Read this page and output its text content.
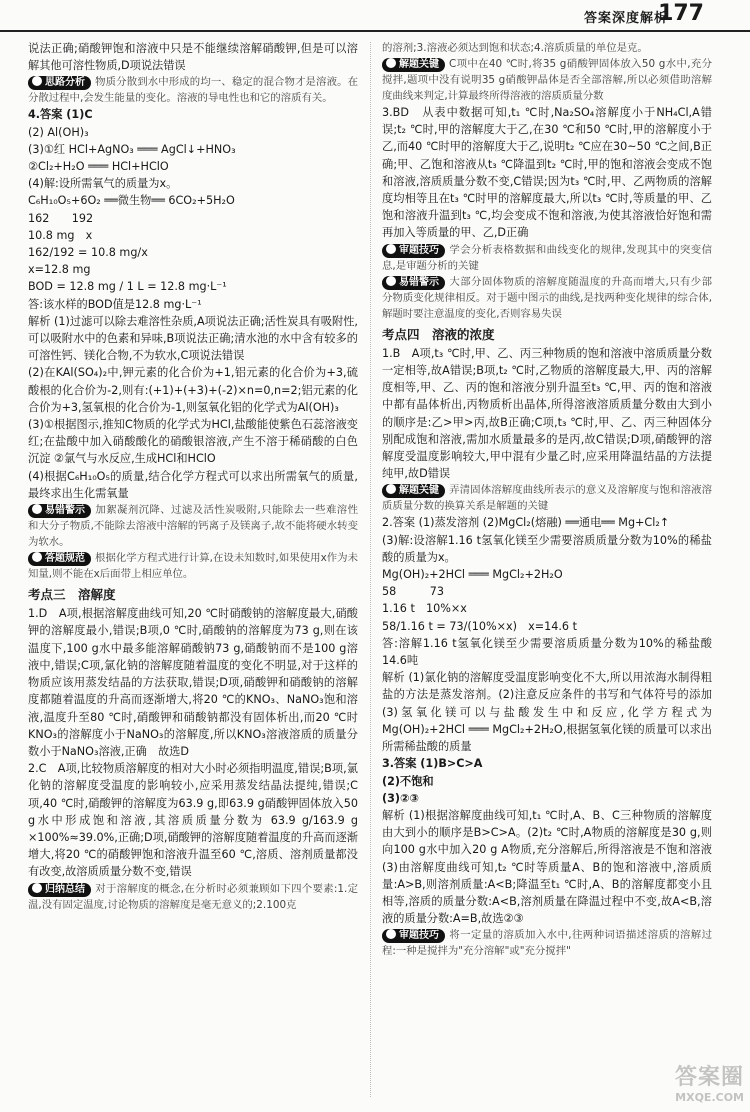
答案深度解析
177

说法正确;硝酸钾饱和溶液中只是不能继续溶解硝酸钾,但是可以溶解其他可溶性物质,D项说法错误

思路分析 物质分散到水中形成的均一、稳定的混合物才是溶液。在分散过程中,会发生能量的变化。溶液的导电性也和它的溶质有关。

4.答案 (1)C

(2) Al(OH)₃
(3)①红 HCl+AgNO₃ ═══ AgCl↓+HNO₃
②Cl₂+H₂O ═══ HCl+HClO
(4)解:设所需氧气的质量为x。
C₆H₁₀O₅+6O₂ ══微生物══ 6CO₂+5H₂O
162　　192
10.8 mg　x
162/192 = 10.8 mg/x
x=12.8 mg
BOD = 12.8 mg / 1 L = 12.8 mg·L⁻¹
答:该水样的BOD值是12.8 mg·L⁻¹

解析 (1)过滤可以除去难溶性杂质,A项说法正确;活性炭具有吸附性,可以吸附水中的色素和异味,B项说法正确;清水池的水中含有较多的可溶性钙、镁化合物,不为软水,C项说法错误
(2)在KAl(SO₄)₂中,钾元素的化合价为+1,铝元素的化合价为+3,硫酸根的化合价为-2,则有:(+1)+(+3)+(-2)×n=0,n=2;铝元素的化合价为+3,氢氧根的化合价为-1,则氢氧化铝的化学式为Al(OH)₃
(3)①根据图示,推知C物质的化学式为HCl,盐酸能使紫色石蕊溶液变红;在盐酸中加入硝酸酸化的硝酸银溶液,产生不溶于稀硝酸的白色沉淀 ②氯气与水反应,生成HCl和HClO
(4)根据C₆H₁₀O₅的质量,结合化学方程式可以求出所需氧气的质量,最终求出生化需氧量

易错警示 加絮凝剂沉降、过滤及活性炭吸附,只能除去一些难溶性和大分子物质,不能除去溶液中溶解的钙离子及镁离子,故不能将硬水转变为软水。

答题规范 根据化学方程式进行计算,在设未知数时,如果使用x作为未知量,则不能在x后面带上相应单位。

考点三　溶解度

1.D　A项,根据溶解度曲线可知,20 ℃时硝酸钠的溶解度最大,硝酸钾的溶解度最小,错误;B项,0 ℃时,硝酸钠的溶解度为73 g,则在该温度下,100 g水中最多能溶解硝酸钠73 g,硝酸钠而不是100 g溶液中,错误;C项,氯化钠的溶解度随着温度的变化不明显,对于这样的物质应该用蒸发结晶的方法获取,错误;D项,硝酸钾和硝酸钠的溶解度都随着温度的升高而逐渐增大,将20 ℃的KNO₃、NaNO₃饱和溶液,温度升至80 ℃时,硝酸钾和硝酸钠都没有固体析出,而20 ℃时KNO₃的溶解度小于NaNO₃的溶解度,所以KNO₃溶液溶质的质量分数小于NaNO₃溶液,正确　故选D

2.C　A项,比较物质溶解度的相对大小时必须指明温度,错误;B项,氯化钠的溶解度受温度的影响较小,应采用蒸发结晶法提纯,错误;C项,40 ℃时,硝酸钾的溶解度为63.9 g,即63.9 g硝酸钾固体放入50 g水中形成饱和溶液,其溶质质量分数为 63.9 g/163.9 g ×100%≈39.0%,正确;D项,硝酸钾的溶解度随着温度的升高而逐渐增大,将20 ℃的硝酸钾饱和溶液升温至60 ℃,溶质、溶剂质量都没有改变,故溶质质量分数不变,错误

归纳总结 对于溶解度的概念,在分析时必须兼顾如下四个要素:1.定温,没有固定温度,讨论物质的溶解度是毫无意义的;2.100克

的溶剂;3.溶液必须达到饱和状态;4.溶质质量的单位是克。

解题关键 C项中在40 ℃时,将35 g硝酸钾固体放入50 g水中,充分搅拌,题项中没有说明35 g硝酸钾晶体是否全部溶解,所以必须借助溶解度曲线来判定,计算最终所得溶液的溶质质量分数

3.BD　从表中数据可知,t₁ ℃时,Na₂SO₄溶解度小于NH₄Cl,A错误;t₂ ℃时,甲的溶解度大于乙,在30 ℃和50 ℃时,甲的溶解度小于乙,而40 ℃时甲的溶解度大于乙,说明t₂ ℃应在30~50 ℃之间,B正确;甲、乙饱和溶液从t₃ ℃降温到t₂ ℃时,甲的饱和溶液会变成不饱和溶液,溶质质量分数不变,C错误;因为t₃ ℃时,甲、乙两物质的溶解度均相等且在t₃ ℃时甲的溶解度最大,所以t₃ ℃时,等质量的甲、乙饱和溶液升温到t₃ ℃,均会变成不饱和溶液,为使其溶液恰好饱和需再加入等质量的甲、乙,D正确

审题技巧 学会分析表格数据和曲线变化的规律,发现其中的突变信息,是审题分析的关键

易错警示 大部分固体物质的溶解度随温度的升高而增大,只有少部分物质变化规律相反。对于题中图示的曲线,是找两种变化规律的综合体,解题时要注意温度的变化,否则容易失误

考点四　溶液的浓度

1.B　A项,t₃ ℃时,甲、乙、丙三种物质的饱和溶液中溶质质量分数一定相等,故A错误;B项,t₂ ℃时,乙物质的溶解度最大,甲、丙的溶解度相等,甲、乙、丙的饱和溶液分别升温至t₃ ℃,甲、丙的饱和溶液中都有晶体析出,丙物质析出晶体,所得溶液溶质质量分数由大到小的顺序是:乙>甲>丙,故B正确;C项,t₃ ℃时,甲、乙、丙三种固体分别配成饱和溶液,需加水质量最多的是丙,故C错误;D项,硝酸钾的溶解度受温度影响较大,甲中混有少量乙时,应采用降温结晶的方法提纯甲,故D错误

解题关键 弄清固体溶解度曲线所表示的意义及溶解度与饱和溶液溶质质量分数的换算关系是解题的关键

2.答案 (1)蒸发溶剂 (2)MgCl₂(熔融) ══通电══ Mg+Cl₂↑
(3)解:设溶解1.16 t氢氧化镁至少需要溶质质量分数为10%的稀盐酸的质量为x。
Mg(OH)₂+2HCl ═══ MgCl₂+2H₂O
58　　　73
1.16 t　10%×x
58/1.16 t = 73/(10%×x)　x=14.6 t
答:溶解1.16 t氢氧化镁至少需要溶质质量分数为10%的稀盐酸14.6吨

解析 (1)氯化钠的溶解度受温度影响变化不大,所以用浓海水制得粗盐的方法是蒸发溶剂。(2)注意反应条件的书写和气体符号的添加 (3)氢氧化镁可以与盐酸发生中和反应,化学方程式为Mg(OH)₂+2HCl ═══ MgCl₂+2H₂O,根据氢氧化镁的质量可以求出所需稀盐酸的质量

3.答案 (1)B>C>A
(2)不饱和
(3)②③

解析 (1)根据溶解度曲线可知,t₁ ℃时,A、B、C三种物质的溶解度由大到小的顺序是B>C>A。(2)t₂ ℃时,A物质的溶解度是30 g,则向100 g水中加入20 g A物质,充分溶解后,所得溶液是不饱和溶液 (3)由溶解度曲线可知,t₂ ℃时等质量A、B的饱和溶液中,溶质质量:A>B,则溶剂质量:A<B;降温至t₁ ℃时,A、B的溶解度都变小且相等,溶质的质量分数:A<B,溶剂质量在降温过程中不变,故A<B,溶液的质量分数:A=B,故选②③

审题技巧 将一定量的溶质加入水中,往两种词语描述溶质的溶解过程:一种是搅拌为"充分溶解"或"充分搅拌"

答案圈
MXQE.COM
